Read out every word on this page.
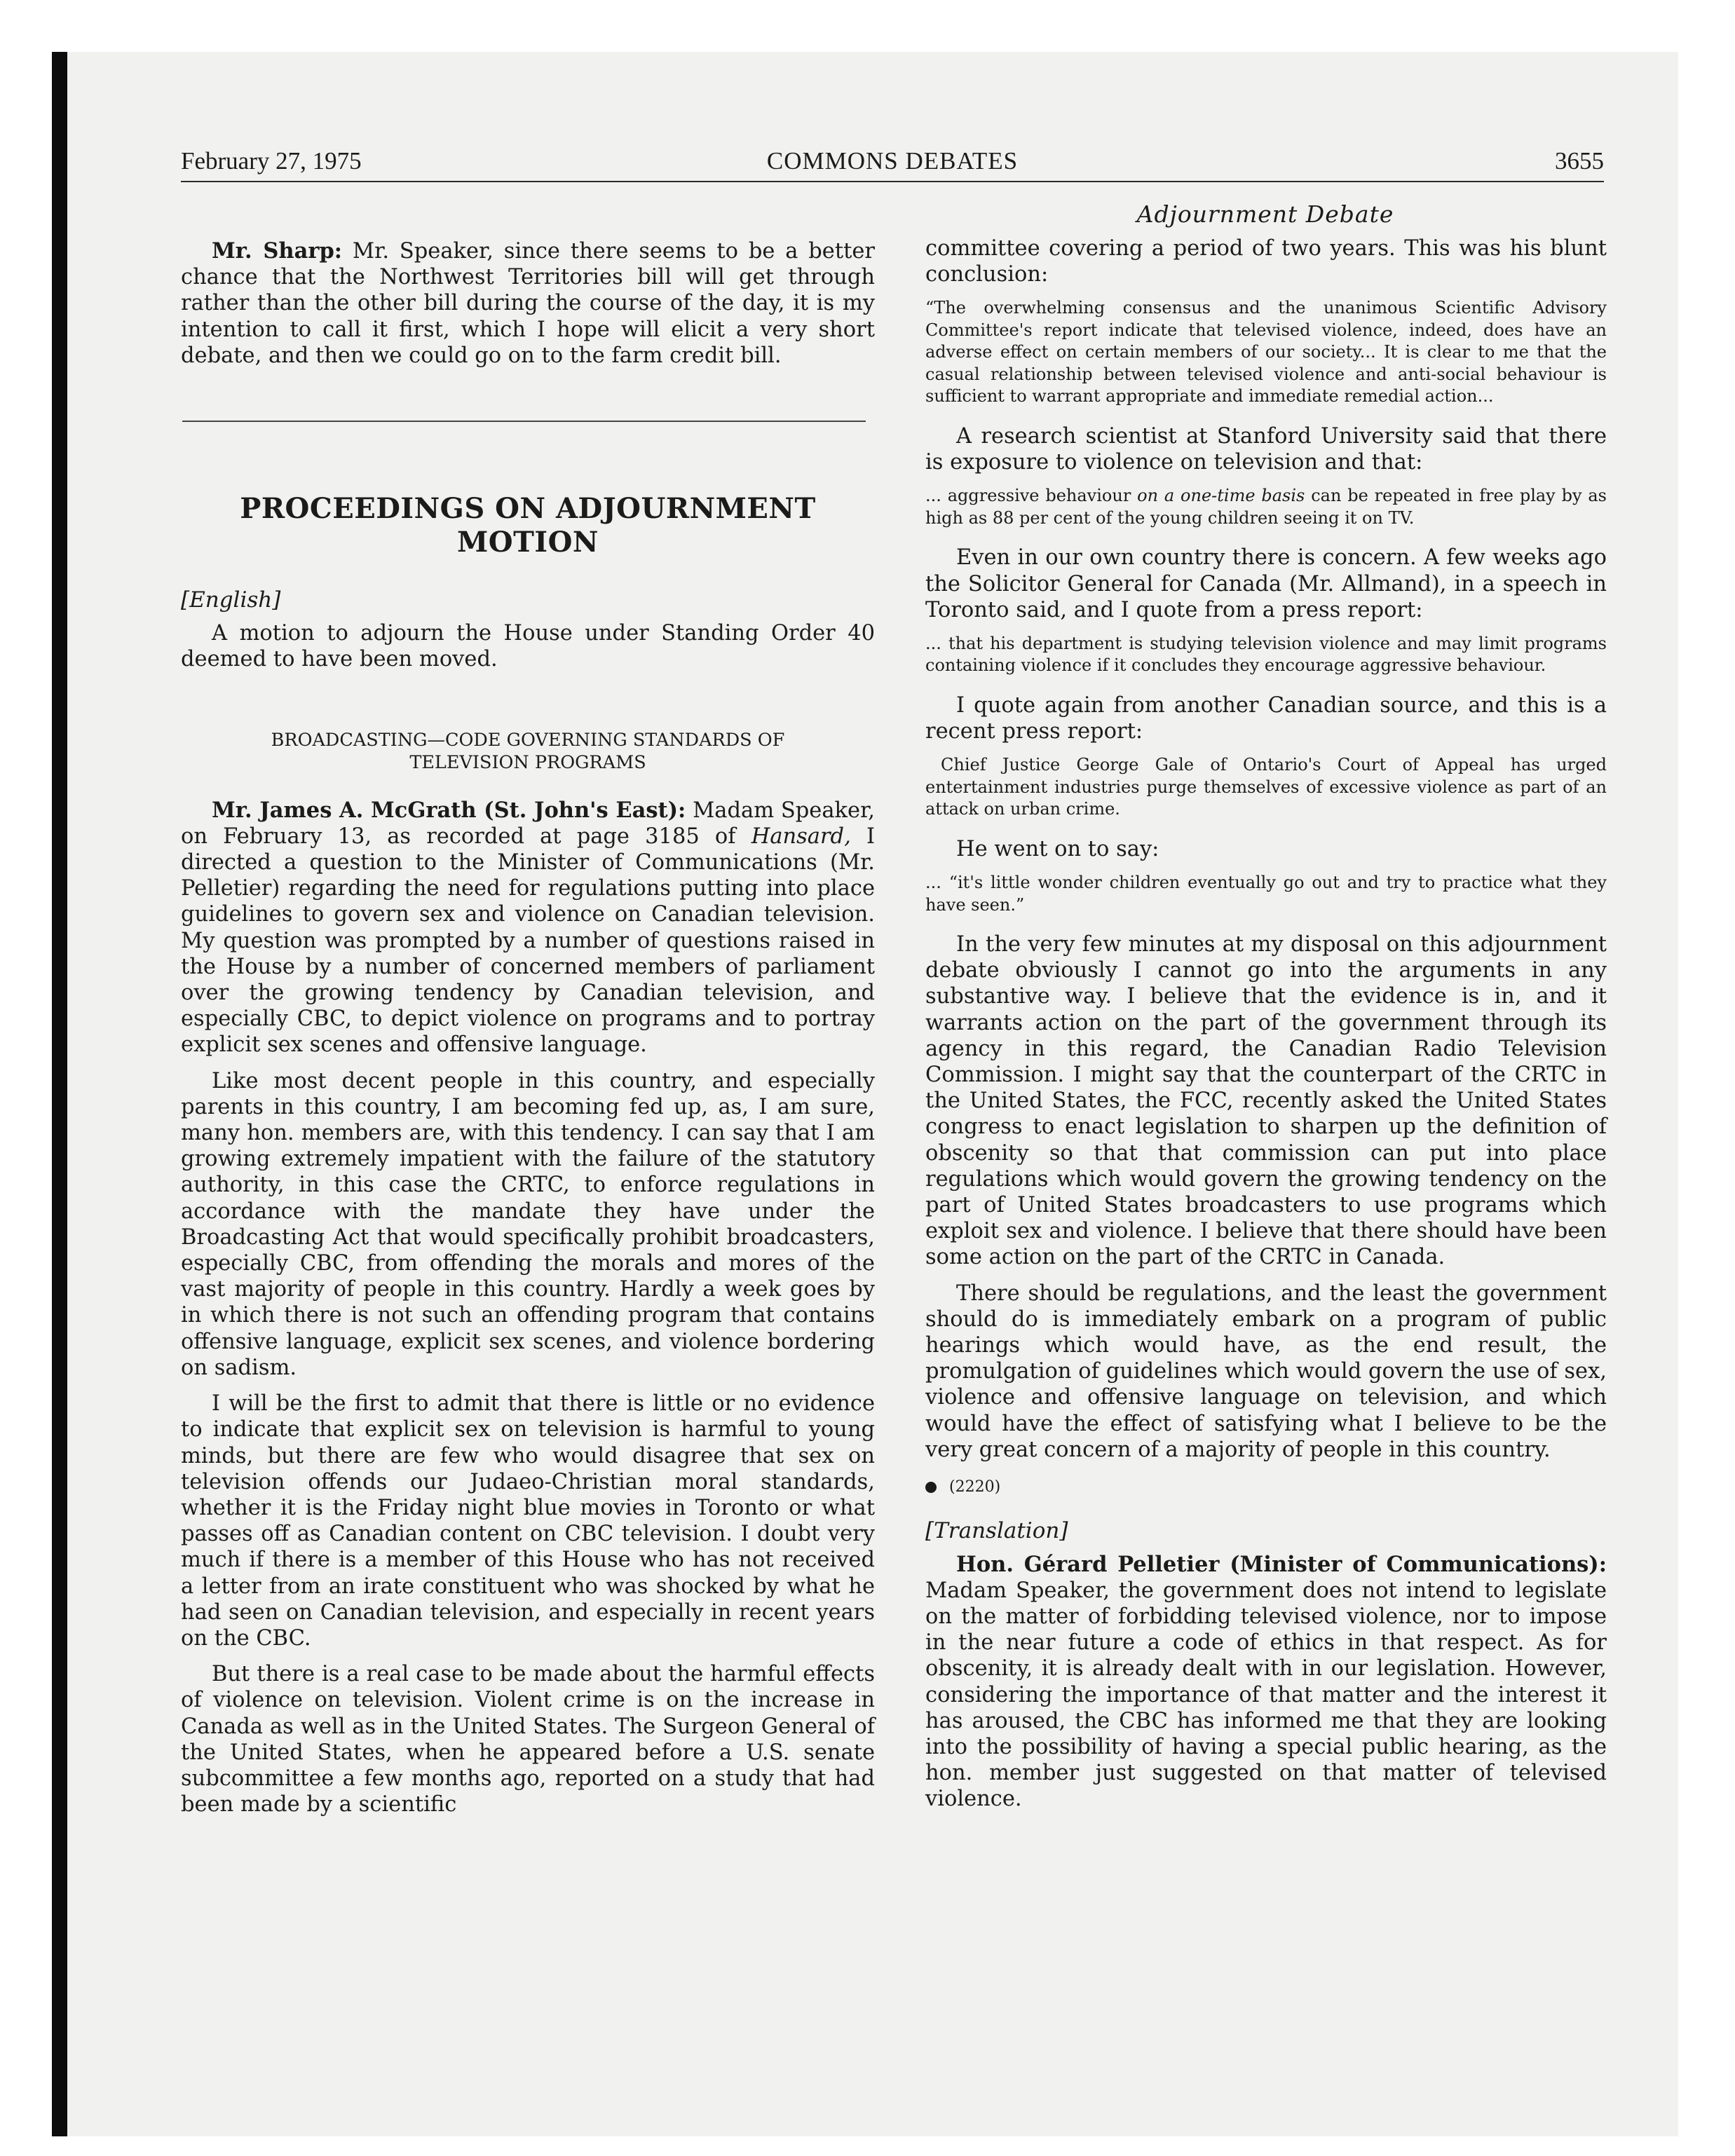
February 27, 1975	COMMONS DEBATES	3655
Adjournment Debate

Mr. Sharp: Mr. Speaker, since there seems to be a better chance that the Northwest Territories bill will get through rather than the other bill during the course of the day, it is my intention to call it first, which I hope will elicit a very short debate, and then we could go on to the farm credit bill.

PROCEEDINGS ON ADJOURNMENT MOTION

[English]

A motion to adjourn the House under Standing Order 40 deemed to have been moved.

BROADCASTING—CODE GOVERNING STANDARDS OF TELEVISION PROGRAMS

Mr. James A. McGrath (St. John's East): Madam Speaker, on February 13, as recorded at page 3185 of Hansard, I directed a question to the Minister of Communications (Mr. Pelletier) regarding the need for regulations putting into place guidelines to govern sex and violence on Canadian television. My question was prompted by a number of questions raised in the House by a number of concerned members of parliament over the growing tendency by Canadian television, and especially CBC, to depict violence on programs and to portray explicit sex scenes and offensive language.

Like most decent people in this country, and especially parents in this country, I am becoming fed up, as, I am sure, many hon. members are, with this tendency. I can say that I am growing extremely impatient with the failure of the statutory authority, in this case the CRTC, to enforce regulations in accordance with the mandate they have under the Broadcasting Act that would specifically prohibit broadcasters, especially CBC, from offending the morals and mores of the vast majority of people in this country. Hardly a week goes by in which there is not such an offending program that contains offensive language, explicit sex scenes, and violence bordering on sadism.

I will be the first to admit that there is little or no evidence to indicate that explicit sex on television is harmful to young minds, but there are few who would disagree that sex on television offends our Judaeo-Christian moral standards, whether it is the Friday night blue movies in Toronto or what passes off as Canadian content on CBC television. I doubt very much if there is a member of this House who has not received a letter from an irate constituent who was shocked by what he had seen on Canadian television, and especially in recent years on the CBC.

But there is a real case to be made about the harmful effects of violence on television. Violent crime is on the increase in Canada as well as in the United States. The Surgeon General of the United States, when he appeared before a U.S. senate subcommittee a few months ago, reported on a study that had been made by a scientific

committee covering a period of two years. This was his blunt conclusion:

“The overwhelming consensus and the unanimous Scientific Advisory Committee's report indicate that televised violence, indeed, does have an adverse effect on certain members of our society... It is clear to me that the casual relationship between televised violence and anti-social behaviour is sufficient to warrant appropriate and immediate remedial action...

A research scientist at Stanford University said that there is exposure to violence on television and that:

... aggressive behaviour on a one-time basis can be repeated in free play by as high as 88 per cent of the young children seeing it on TV.

Even in our own country there is concern. A few weeks ago the Solicitor General for Canada (Mr. Allmand), in a speech in Toronto said, and I quote from a press report:

... that his department is studying television violence and may limit programs containing violence if it concludes they encourage aggressive behaviour.

I quote again from another Canadian source, and this is a recent press report:

Chief Justice George Gale of Ontario's Court of Appeal has urged entertainment industries purge themselves of excessive violence as part of an attack on urban crime.

He went on to say:

... “it's little wonder children eventually go out and try to practice what they have seen.”

In the very few minutes at my disposal on this adjournment debate obviously I cannot go into the arguments in any substantive way. I believe that the evidence is in, and it warrants action on the part of the government through its agency in this regard, the Canadian Radio Television Commission. I might say that the counterpart of the CRTC in the United States, the FCC, recently asked the United States congress to enact legislation to sharpen up the definition of obscenity so that that commission can put into place regulations which would govern the growing tendency on the part of United States broadcasters to use programs which exploit sex and violence. I believe that there should have been some action on the part of the CRTC in Canada.

There should be regulations, and the least the government should do is immediately embark on a program of public hearings which would have, as the end result, the promulgation of guidelines which would govern the use of sex, violence and offensive language on television, and which would have the effect of satisfying what I believe to be the very great concern of a majority of people in this country.

(2220)

[Translation]

Hon. Gérard Pelletier (Minister of Communications): Madam Speaker, the government does not intend to legislate on the matter of forbidding televised violence, nor to impose in the near future a code of ethics in that respect. As for obscenity, it is already dealt with in our legislation. However, considering the importance of that matter and the interest it has aroused, the CBC has informed me that they are looking into the possibility of having a special public hearing, as the hon. member just suggested on that matter of televised violence.
